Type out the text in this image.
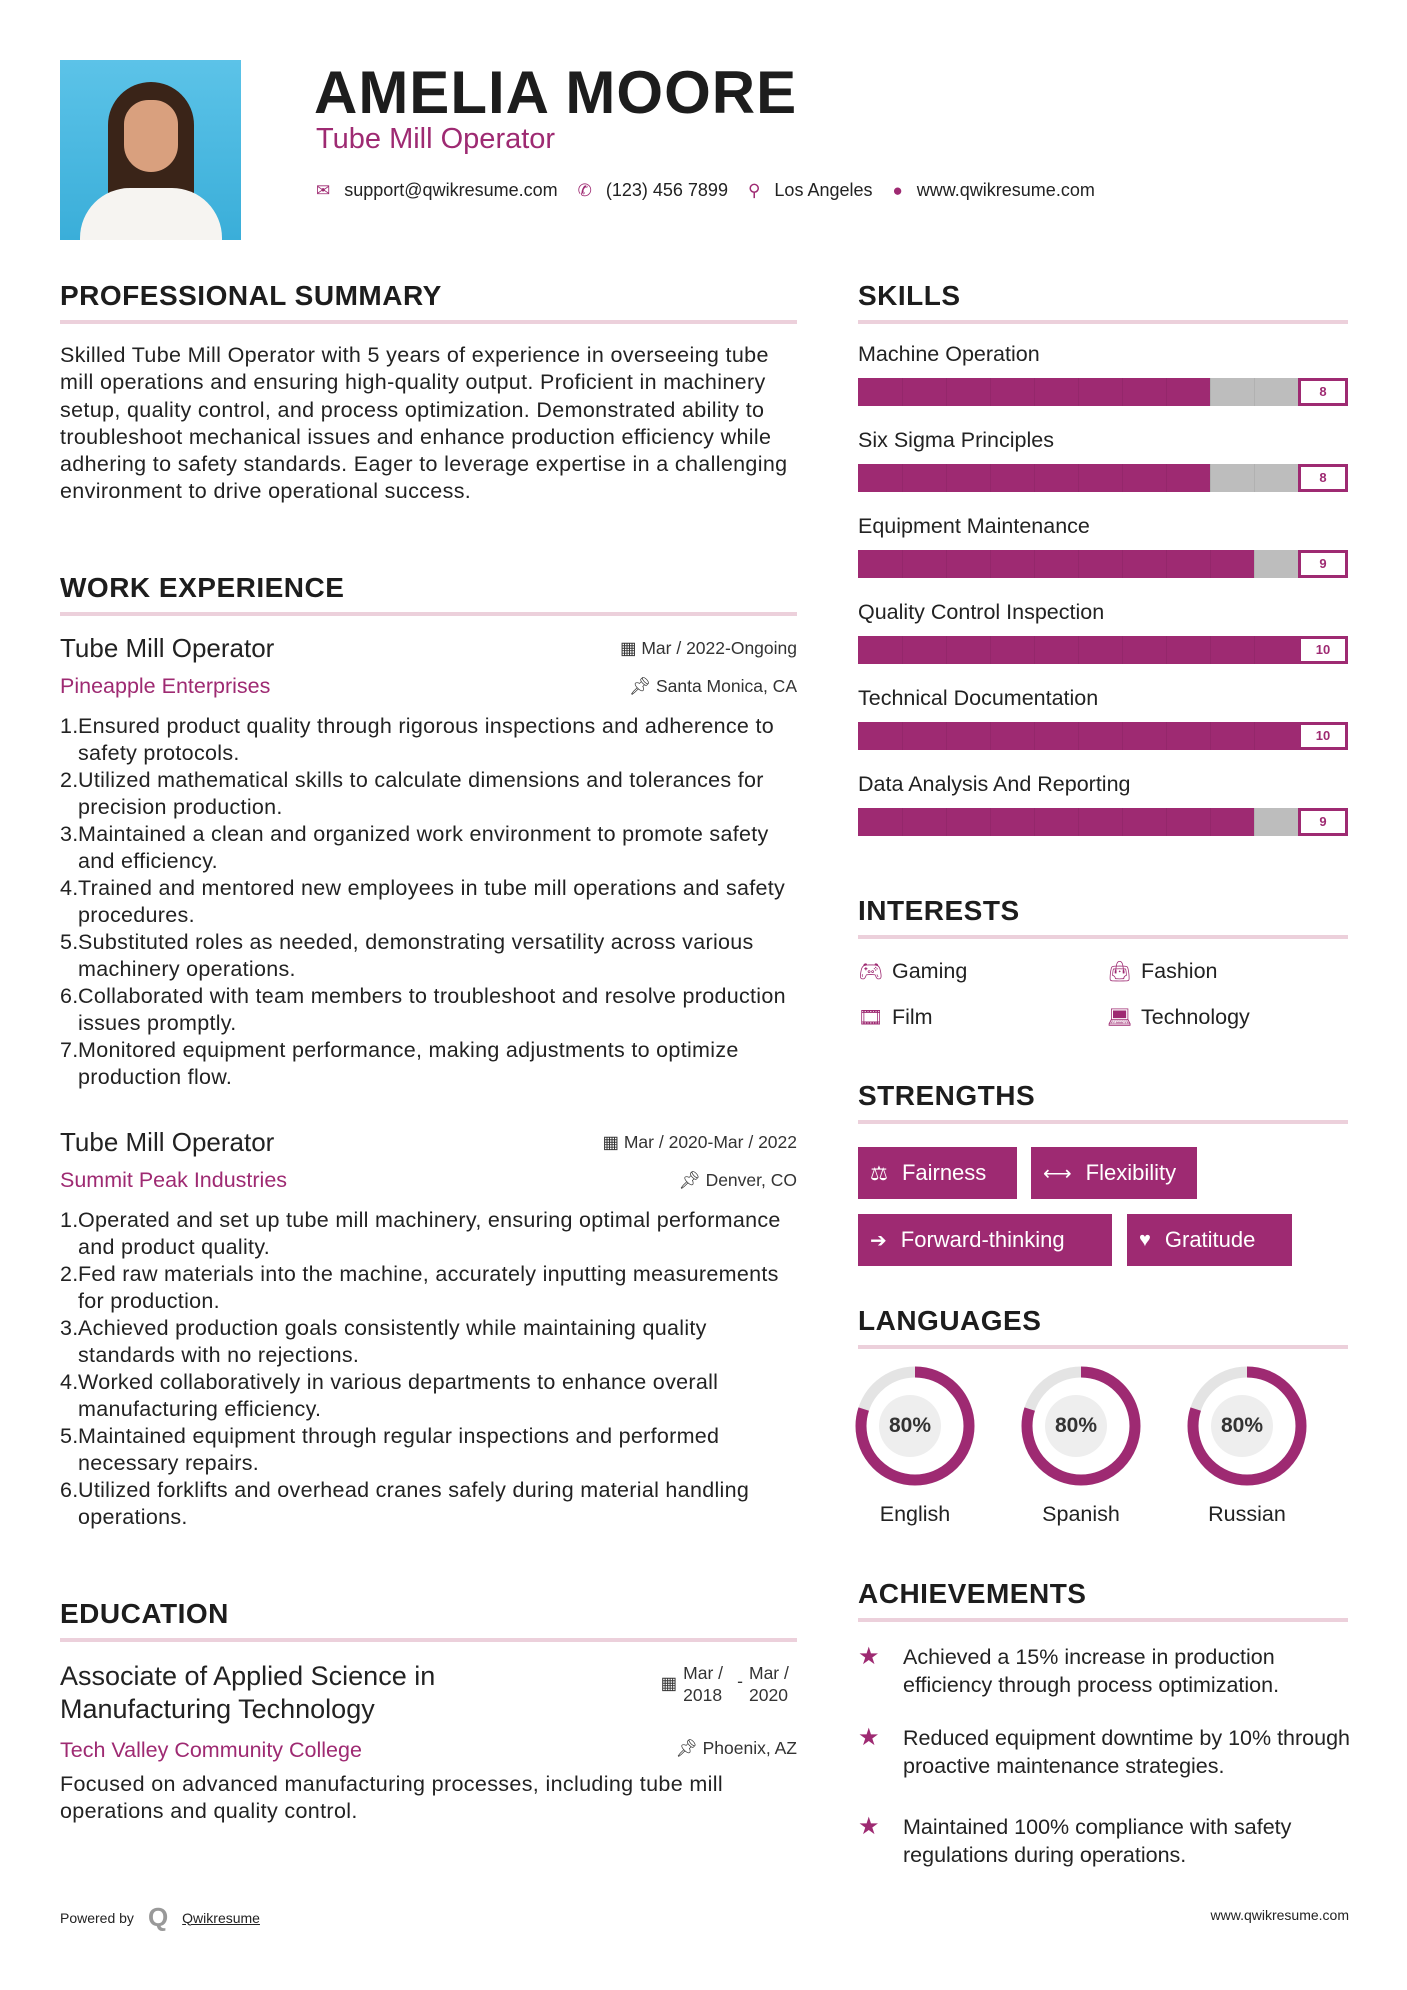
AMELIA MOORE
Tube Mill Operator
✉ support@qwikresume.com ✆ (123) 456 7899 ⚲ Los Angeles ● www.qwikresume.com
PROFESSIONAL SUMMARY
Skilled Tube Mill Operator with 5 years of experience in overseeing tube mill operations and ensuring high-quality output. Proficient in machinery setup, quality control, and process optimization. Demonstrated ability to troubleshoot mechanical issues and enhance production efficiency while adhering to safety standards. Eager to leverage expertise in a challenging environment to drive operational success.
WORK EXPERIENCE
Tube Mill Operator	▦ Mar / 2022-Ongoing
Pineapple Enterprises	📌︎ Santa Monica, CA
Ensured product quality through rigorous inspections and adherence to safety protocols.
Utilized mathematical skills to calculate dimensions and tolerances for precision production.
Maintained a clean and organized work environment to promote safety and efficiency.
Trained and mentored new employees in tube mill operations and safety procedures.
Substituted roles as needed, demonstrating versatility across various machinery operations.
Collaborated with team members to troubleshoot and resolve production issues promptly.
Monitored equipment performance, making adjustments to optimize production flow.
Tube Mill Operator	▦ Mar / 2020-Mar / 2022
Summit Peak Industries	📌︎ Denver, CO
Operated and set up tube mill machinery, ensuring optimal performance and product quality.
Fed raw materials into the machine, accurately inputting measurements for production.
Achieved production goals consistently while maintaining quality standards with no rejections.
Worked collaboratively in various departments to enhance overall manufacturing efficiency.
Maintained equipment through regular inspections and performed necessary repairs.
Utilized forklifts and overhead cranes safely during material handling operations.
EDUCATION
Associate of Applied Science in Manufacturing Technology
▦ Mar / 2018
- Mar / 2020
Tech Valley Community College	📌︎ Phoenix, AZ
Focused on advanced manufacturing processes, including tube mill operations and quality control.
Powered by Q Qwikresume	www.qwikresume.com
SKILLS
Machine Operation
8
Six Sigma Principles
8
Equipment Maintenance
9
Quality Control Inspection
10
Technical Documentation
10
Data Analysis And Reporting
9
INTERESTS
🎮︎ Gaming	👜︎ Fashion
🎞︎ Film	💻︎ Technology
STRENGTHS
⚖ Fairness	⟷ Flexibility
➔ Forward-thinking	♥ Gratitude
LANGUAGES
80%
English
80%
Spanish
80%
Russian
ACHIEVEMENTS
★	Achieved a 15% increase in production efficiency through process optimization.
★	Reduced equipment downtime by 10% through proactive maintenance strategies.
★	Maintained 100% compliance with safety regulations during operations.
